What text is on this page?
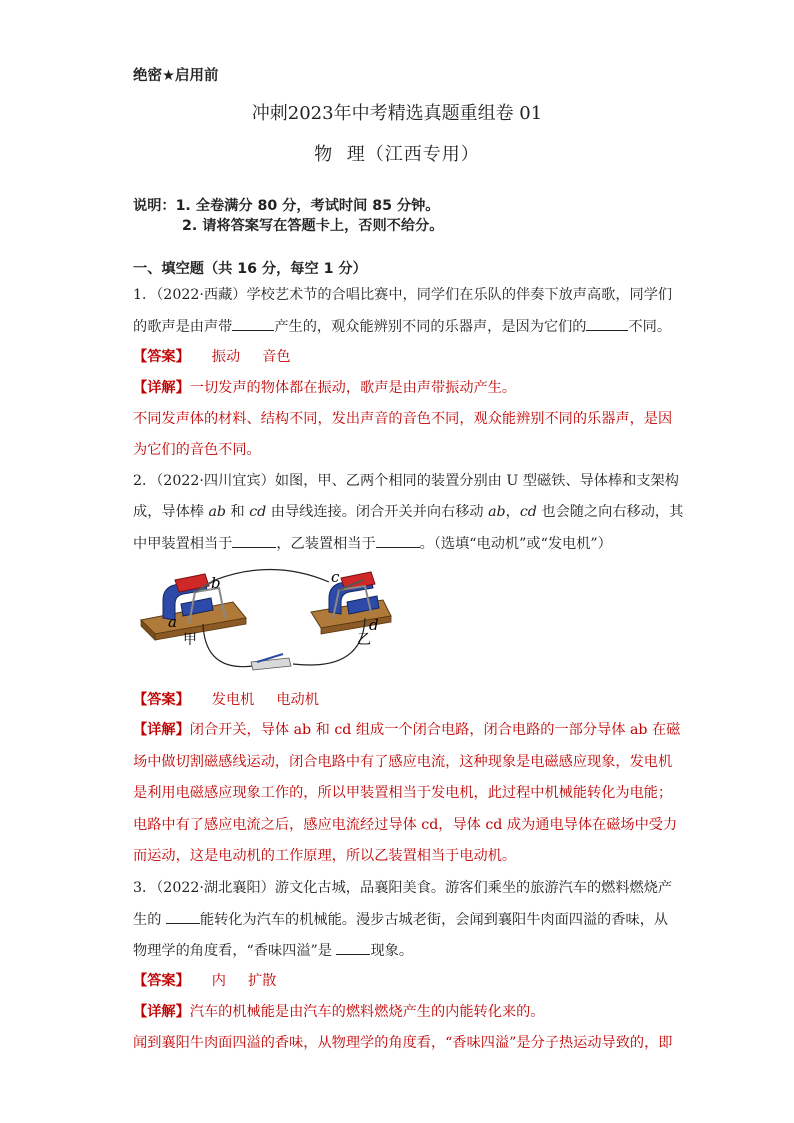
绝密★启用前
冲刺2023年中考精选真题重组卷 01
物  理（江西专用）
说明：1. 全卷满分 80 分，考试时间 85 分钟。
2. 请将答案写在答题卡上，否则不给分。
一、填空题（共 16 分，每空 1 分）
1．（2022·西藏）学校艺术节的合唱比赛中，同学们在乐队的伴奏下放声高歌，同学们
的歌声是由声带	产生的，观众能辨别不同的乐器声，是因为它们的	不同。
【答案】 振动 音色
【详解】一切发声的物体都在振动，歌声是由声带振动产生。
不同发声体的材料、结构不同，发出声音的音色不同，观众能辨别不同的乐器声，是因
为它们的音色不同。
2．（2022·四川宜宾）如图，甲、乙两个相同的装置分别由 U 型磁铁、导体棒和支架构
成，导体棒 ab 和 cd 由导线连接。闭合开关并向右移动 ab，cd 也会随之向右移动，其
中甲装置相当于	，乙装置相当于	。（选填“电动机”或“发电机”）
a
b	c
d
甲	乙
【答案】 发电机 电动机
【详解】闭合开关，导体 ab 和 cd 组成一个闭合电路，闭合电路的一部分导体 ab 在磁
场中做切割磁感线运动，闭合电路中有了感应电流，这种现象是电磁感应现象，发电机
是利用电磁感应现象工作的，所以甲装置相当于发电机，此过程中机械能转化为电能；
电路中有了感应电流之后，感应电流经过导体 cd，导体 cd 成为通电导体在磁场中受力
而运动，这是电动机的工作原理，所以乙装置相当于电动机。
3．（2022·湖北襄阳）游文化古城，品襄阳美食。游客们乘坐的旅游汽车的燃料燃烧产
生的 能转化为汽车的机械能。漫步古城老街，会闻到襄阳牛肉面四溢的香味，从
物理学的角度看，“香味四溢”是 现象。
【答案】 内 扩散
【详解】汽车的机械能是由汽车的燃料燃烧产生的内能转化来的。
闻到襄阳牛肉面四溢的香味，从物理学的角度看，“香味四溢”是分子热运动导致的，即
